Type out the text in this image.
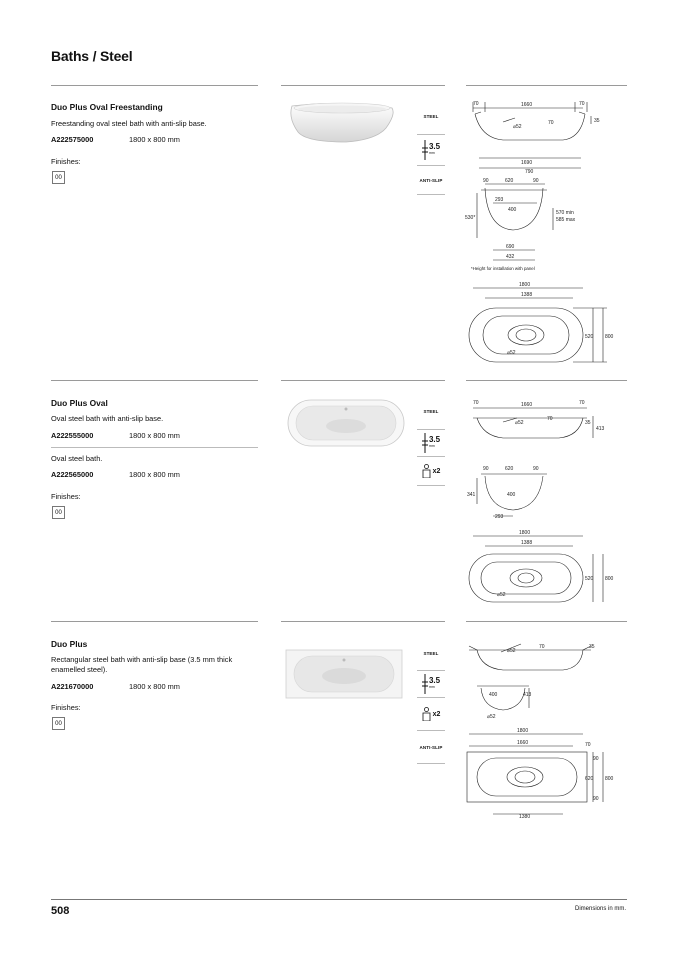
Baths / Steel
Duo Plus Oval Freestanding
Freestanding oval steel bath with anti-slip base.
A222575000	1800 x 800 mm
Finishes:
00
STEEL
3.5
mm
ANTI-SLIP
70	1660	70
35
⌀52
70
1690
790
90	620	90
293
400	570 min
585 max
530*
690
432
*Height for installation with panel
1800
1388
520 800
⌀52
Duo Plus Oval
Oval steel bath with anti-slip base.
A222555000	1800 x 800 mm
Oval steel bath.
A222565000	1800 x 800 mm
Finishes:
00
STEEL
3.5
mm
x2
70	1660	70
35
413
⌀52
70
90	620	90
341	400
293
1800
1388
520 800
⌀52
Duo Plus
Rectangular steel bath with anti-slip base (3.5 mm thick enamelled steel).
A221670000	1800 x 800 mm
Finishes:
00
STEEL
3.5
mm
x2
ANTI-SLIP
⌀52
70	35
400	413
⌀52
1800
1660	70
90
620 800
90
1380
508	Dimensions in mm.
